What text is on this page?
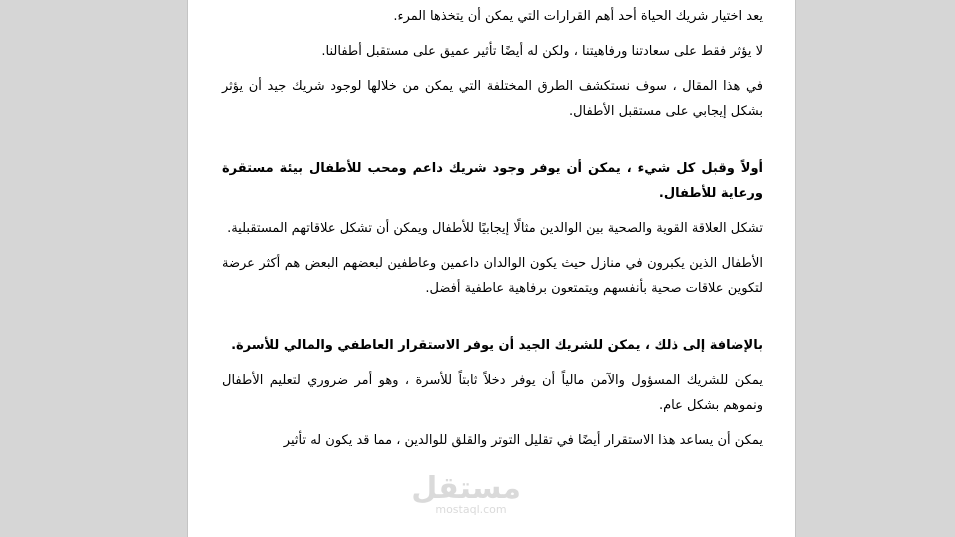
يعد اختيار شريك الحياة أحد أهم القرارات التي يمكن أن يتخذها المرء.

لا يؤثر فقط على سعادتنا ورفاهيتنا ، ولكن له أيضًا تأثير عميق على مستقبل أطفالنا.

في هذا المقال ، سوف نستكشف الطرق المختلفة التي يمكن من خلالها لوجود شريك جيد أن يؤثر بشكل إيجابي على مستقبل الأطفال.

أولاً وقبل كل شيء ، يمكن أن يوفر وجود شريك داعم ومحب للأطفال بيئة مستقرة ورعاية للأطفال.

تشكل العلاقة القوية والصحية بين الوالدين مثالًا إيجابيًا للأطفال ويمكن أن تشكل علاقاتهم المستقبلية.

الأطفال الذين يكبرون في منازل حيث يكون الوالدان داعمين وعاطفين لبعضهم البعض هم أكثر عرضة لتكوين علاقات صحية بأنفسهم ويتمتعون برفاهية عاطفية أفضل.

بالإضافة إلى ذلك ، يمكن للشريك الجيد أن يوفر الاستقرار العاطفي والمالي للأسرة.

يمكن للشريك المسؤول والآمن مالياً أن يوفر دخلاً ثابتاً للأسرة ، وهو أمر ضروري لتعليم الأطفال ونموهم بشكل عام.

يمكن أن يساعد هذا الاستقرار أيضًا في تقليل التوتر والقلق للوالدين ، مما قد يكون له تأثير

مستقل
mostaql.com
